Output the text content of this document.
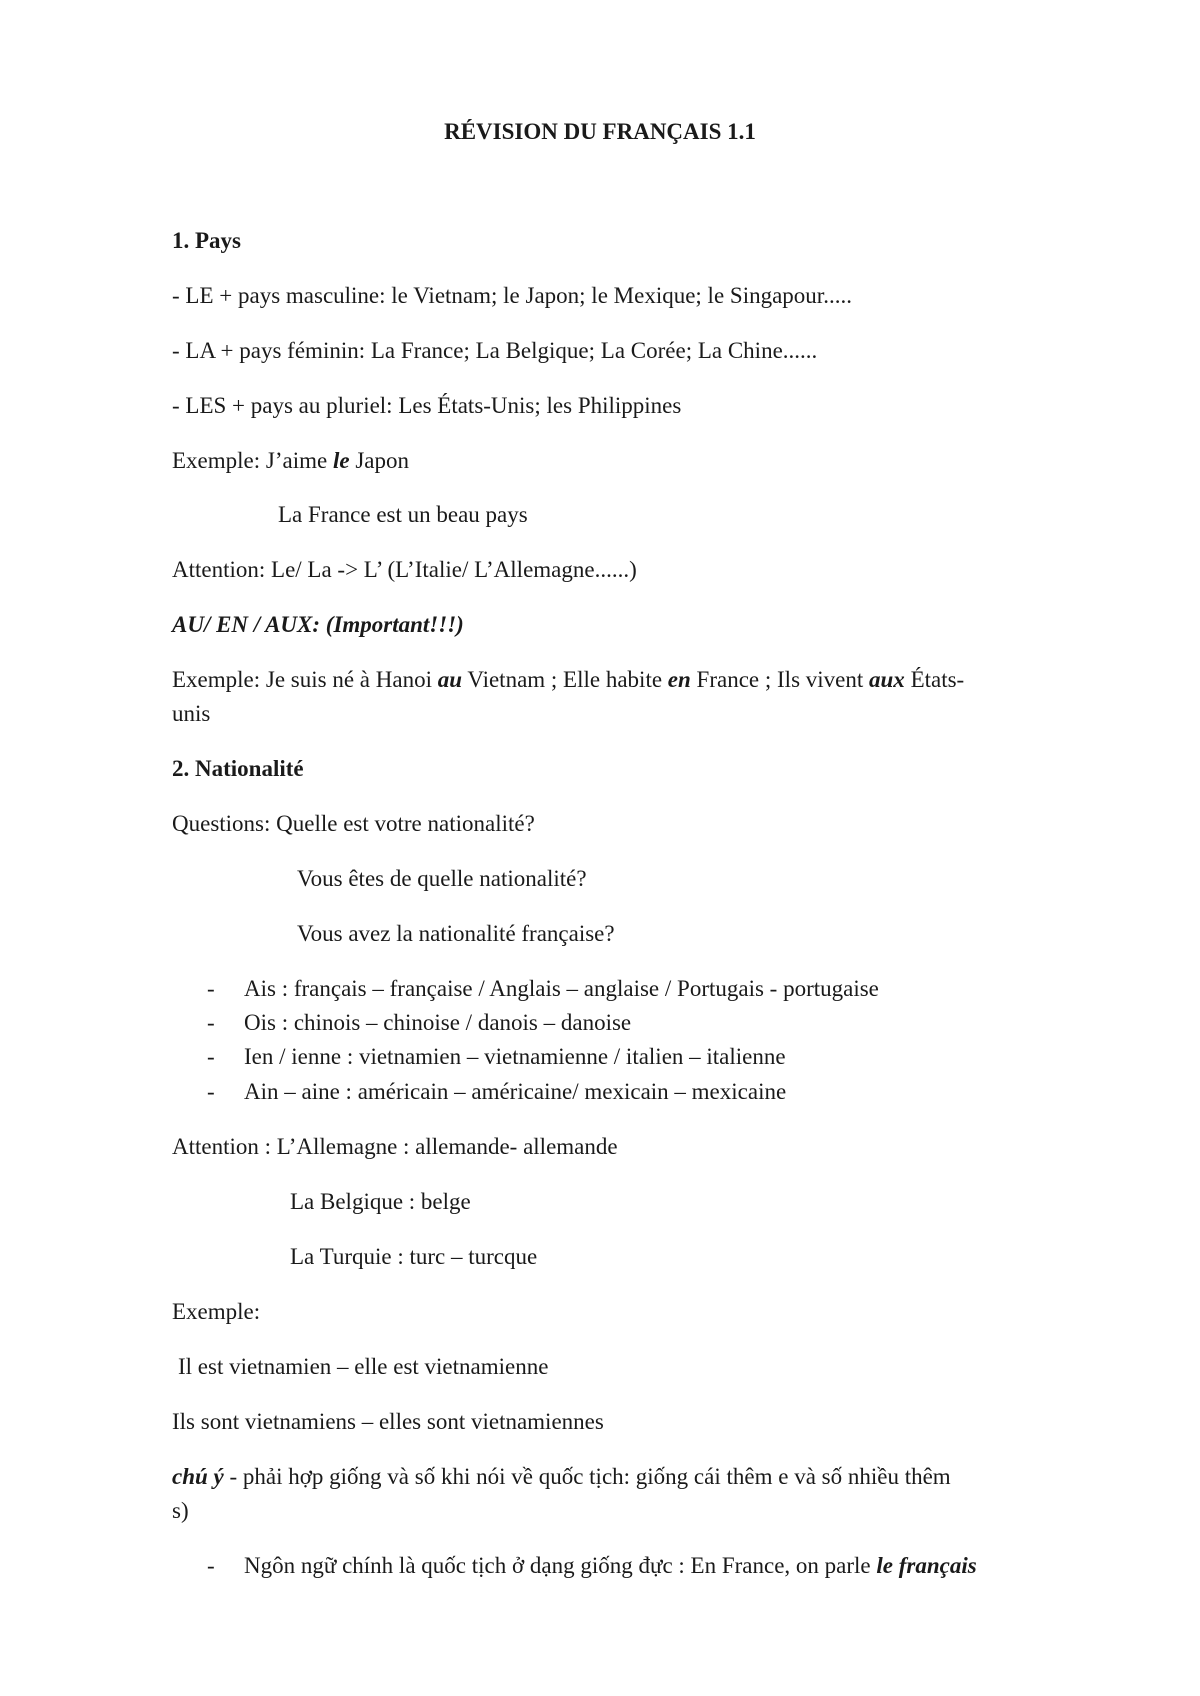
RÉVISION DU FRANÇAIS 1.1

1. Pays

- LE + pays masculine: le Vietnam; le Japon; le Mexique; le Singapour.....

- LA + pays féminin: La France; La Belgique; La Corée; La Chine......

- LES + pays au pluriel: Les États-Unis; les Philippines

Exemple: J’aime le Japon

La France est un beau pays

Attention: Le/ La -> L’ (L’Italie/ L’Allemagne......)

AU/ EN / AUX: (Important!!!)

Exemple: Je suis né à Hanoi au Vietnam ; Elle habite en France ; Ils vivent aux États-

unis

2. Nationalité

Questions: Quelle est votre nationalité?

Vous êtes de quelle nationalité?

Vous avez la nationalité française?

- Ais : français – française / Anglais – anglaise / Portugais - portugaise

- Ois : chinois – chinoise / danois – danoise

- Ien / ienne : vietnamien – vietnamienne / italien – italienne

- Ain – aine : américain – américaine/ mexicain – mexicaine

Attention : L’Allemagne : allemande- allemande

La Belgique : belge

La Turquie : turc – turcque

Exemple:

Il est vietnamien – elle est vietnamienne

Ils sont vietnamiens – elles sont vietnamiennes

chú ý - phải hợp giống và số khi nói về quốc tịch: giống cái thêm e và số nhiều thêm

s)

- Ngôn ngữ chính là quốc tịch ở dạng giống đực : En France, on parle le français
